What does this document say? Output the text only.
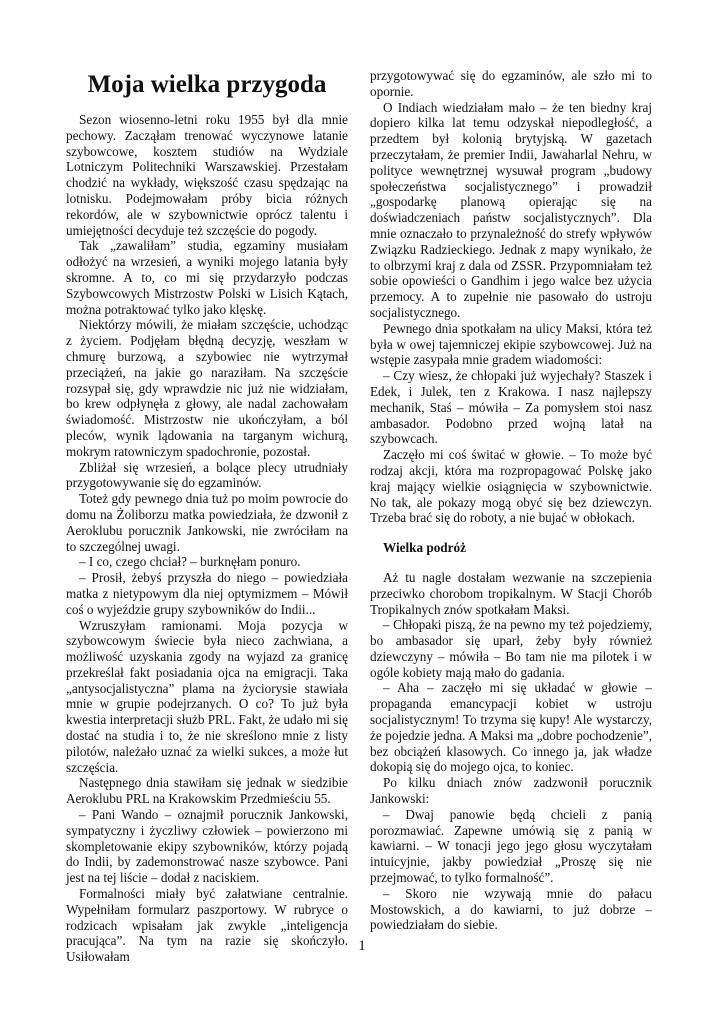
Moja wielka przygoda

Sezon wiosenno-letni roku 1955 był dla mnie pechowy. Zacząłam trenować wyczynowe latanie szybowcowe, kosztem studiów na Wydziale Lotniczym Politechniki Warszawskiej. Przestałam chodzić na wykłady, większość czasu spędzając na lotnisku. Podejmowałam próby bicia różnych rekordów, ale w szybownictwie oprócz talentu i umiejętności decyduje też szczęście do pogody.

Tak „zawaliłam” studia, egzaminy musiałam odłożyć na wrzesień, a wyniki mojego latania były skromne. A to, co mi się przydarzyło podczas Szybowcowych Mistrzostw Polski w Lisich Kątach, można potraktować tylko jako klęskę.

Niektórzy mówili, że miałam szczęście, uchodząc z życiem. Podjęłam błędną decyzję, weszłam w chmurę burzową, a szybowiec nie wytrzymał przeciążeń, na jakie go naraziłam. Na szczęście rozsypał się, gdy wprawdzie nic już nie widziałam, bo krew odpłynęła z głowy, ale nadal zachowałam świadomość. Mistrzostw nie ukończyłam, a ból pleców, wynik lądowania na targanym wichurą, mokrym ratowniczym spadochronie, pozostał.

Zbliżał się wrzesień, a bolące plecy utrudniały przygotowywanie się do egzaminów.

Toteż gdy pewnego dnia tuż po moim powrocie do domu na Żoliborzu matka powiedziała, że dzwonił z Aeroklubu porucznik Jankowski, nie zwróciłam na to szczególnej uwagi.

– I co, czego chciał? – burknęłam ponuro.

– Prosił, żebyś przyszła do niego – powiedziała matka z nietypowym dla niej optymizmem – Mówił coś o wyjeździe grupy szybowników do Indii...

Wzruszyłam ramionami. Moja pozycja w szybowcowym świecie była nieco zachwiana, a możliwość uzyskania zgody na wyjazd za granicę przekreślał fakt posiadania ojca na emigracji. Taka „antysocjalistyczna” plama na życiorysie stawiała mnie w grupie podejrzanych. O co? To już była kwestia interpretacji służb PRL. Fakt, że udało mi się dostać na studia i to, że nie skreślono mnie z listy pilotów, należało uznać za wielki sukces, a może łut szczęścia.

Następnego dnia stawiłam się jednak w siedzibie Aeroklubu PRL na Krakowskim Przedmieściu 55.

– Pani Wando – oznajmił porucznik Jankowski, sympatyczny i życzliwy człowiek – powierzono mi skompletowanie ekipy szybowników, którzy pojadą do Indii, by zademonstrować nasze szybowce. Pani jest na tej liście – dodał z naciskiem.

Formalności miały być załatwiane centralnie. Wypełniłam formularz paszportowy. W rubryce o rodzicach wpisałam jak zwykle „inteligencja pracująca”. Na tym na razie się skończyło. Usiłowałam

przygotowywać się do egzaminów, ale szło mi to opornie.

O Indiach wiedziałam mało – że ten biedny kraj dopiero kilka lat temu odzyskał niepodległość, a przedtem był kolonią brytyjską. W gazetach przeczytałam, że premier Indii, Jawaharlal Nehru, w polityce wewnętrznej wysuwał program „budowy społeczeństwa socjalistycznego” i prowadził „gospodarkę planową opierając się na doświadczeniach państw socjalistycznych”. Dla mnie oznaczało to przynależność do strefy wpływów Związku Radzieckiego. Jednak z mapy wynikało, że to olbrzymi kraj z dala od ZSSR. Przypomniałam też sobie opowieści o Gandhim i jego walce bez użycia przemocy. A to zupełnie nie pasowało do ustroju socjalistycznego.

Pewnego dnia spotkałam na ulicy Maksi, która też była w owej tajemniczej ekipie szybowcowej. Już na wstępie zasypała mnie gradem wiadomości:

– Czy wiesz, że chłopaki już wyjechały? Staszek i Edek, i Julek, ten z Krakowa. I nasz najlepszy mechanik, Staś – mówiła – Za pomysłem stoi nasz ambasador. Podobno przed wojną latał na szybowcach.

Zaczęło mi coś świtać w głowie. – To może być rodzaj akcji, która ma rozpropagować Polskę jako kraj mający wielkie osiągnięcia w szybownictwie. No tak, ale pokazy mogą obyć się bez dziewczyn. Trzeba brać się do roboty, a nie bujać w obłokach.

Wielka podróż

Aż tu nagle dostałam wezwanie na szczepienia przeciwko chorobom tropikalnym. W Stacji Chorób Tropikalnych znów spotkałam Maksi.

– Chłopaki piszą, że na pewno my też pojedziemy, bo ambasador się uparł, żeby były również dziewczyny – mówiła – Bo tam nie ma pilotek i w ogóle kobiety mają mało do gadania.

– Aha – zaczęło mi się układać w głowie – propaganda emancypacji kobiet w ustroju socjalistycznym! To trzyma się kupy! Ale wystarczy, że pojedzie jedna. A Maksi ma „dobre pochodzenie”, bez obciążeń klasowych. Co innego ja, jak władze dokopią się do mojego ojca, to koniec.

Po kilku dniach znów zadzwonił porucznik Jankowski:

– Dwaj panowie będą chcieli z panią porozmawiać. Zapewne umówią się z panią w kawiarni. – W tonacji jego jego głosu wyczytałam intuicyjnie, jakby powiedział „Proszę się nie przejmować, to tylko formalność”.

– Skoro nie wzywają mnie do pałacu Mostowskich, a do kawiarni, to już dobrze – powiedziałam do siebie.

1
